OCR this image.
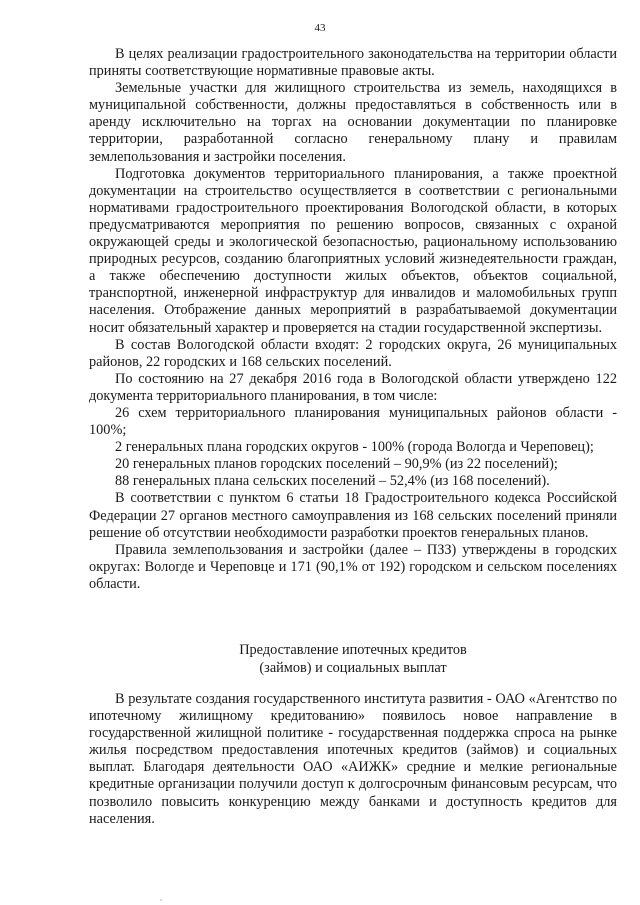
43

В целях реализации градостроительного законодательства на территории области приняты соответствующие нормативные правовые акты.

Земельные участки для жилищного строительства из земель, находящихся в муниципальной собственности, должны предоставляться в собственность или в аренду исключительно на торгах на основании документации по планировке территории, разработанной согласно генеральному плану и правилам землепользования и застройки поселения.

Подготовка документов территориального планирования, а также проектной документации на строительство осуществляется в соответствии с региональными нормативами градостроительного проектирования Вологодской области, в которых предусматриваются мероприятия по решению вопросов, связанных с охраной окружающей среды и экологической безопасностью, рациональному использованию природных ресурсов, созданию благоприятных условий жизнедеятельности граждан, а также обеспечению доступности жилых объектов, объектов социальной, транспортной, инженерной инфраструктур для инвалидов и маломобильных групп населения. Отображение данных мероприятий в разрабатываемой документации носит обязательный характер и проверяется на стадии государственной экспертизы.

В состав Вологодской области входят: 2 городских округа, 26 муниципальных районов, 22 городских и 168 сельских поселений.

По состоянию на 27 декабря 2016 года в Вологодской области утверждено 122 документа территориального планирования, в том числе:

26 схем территориального планирования муниципальных районов области - 100%;

2 генеральных плана городских округов - 100% (города Вологда и Череповец);

20 генеральных планов городских поселений – 90,9% (из 22 поселений);

88 генеральных плана сельских поселений – 52,4% (из 168 поселений).

В соответствии с пунктом 6 статьи 18 Градостроительного кодекса Российской Федерации 27 органов местного самоуправления из 168 сельских поселений приняли решение об отсутствии необходимости разработки проектов генеральных планов.

Правила землепользования и застройки (далее – ПЗЗ) утверждены в городских округах: Вологде и Череповце и 171 (90,1% от 192) городском и сельском поселениях области.

Предоставление ипотечных кредитов
(займов) и социальных выплат

В результате создания государственного института развития - ОАО «Агентство по ипотечному жилищному кредитованию» появилось новое направление в государственной жилищной политике - государственная поддержка спроса на рынке жилья посредством предоставления ипотечных кредитов (займов) и социальных выплат. Благодаря деятельности ОАО «АИЖК» средние и мелкие региональные кредитные организации получили доступ к долгосрочным финансовым ресурсам, что позволило повысить конкуренцию между банками и доступность кредитов для населения.
